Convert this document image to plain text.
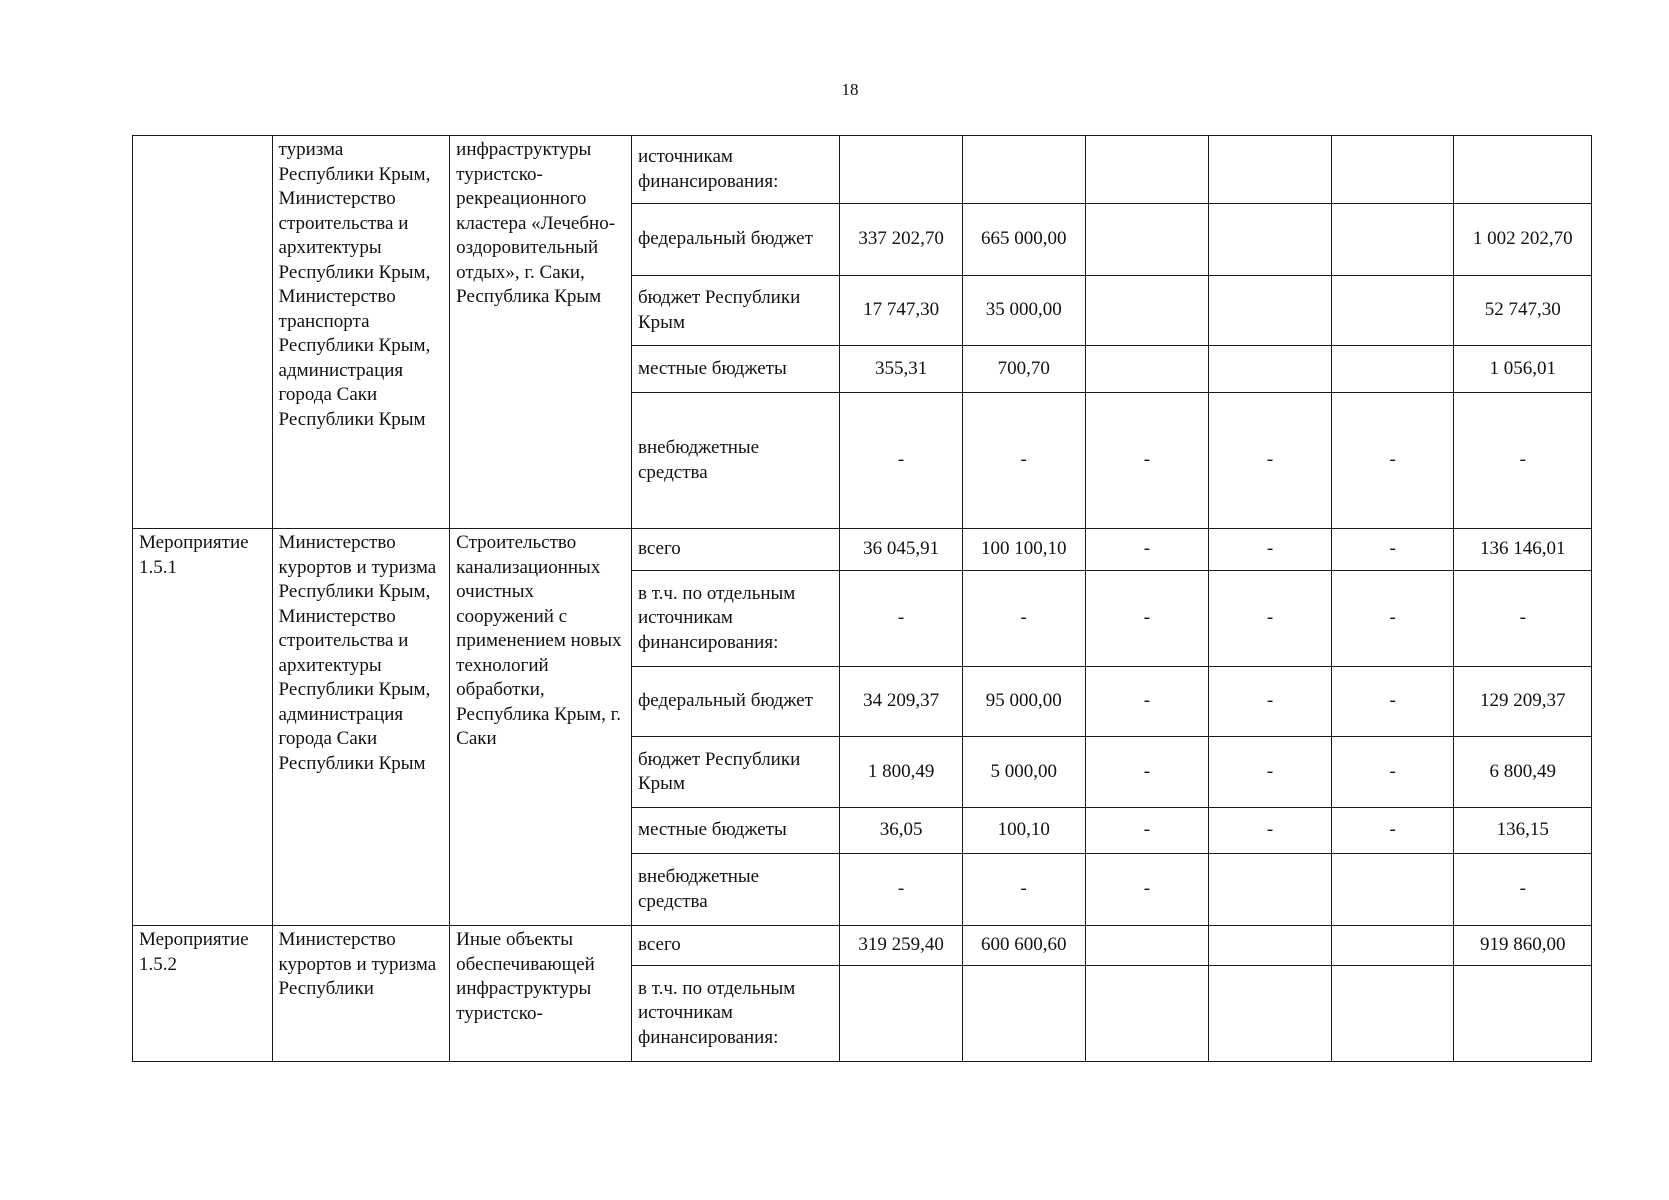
18
	туризма Республики Крым, Министерство строительства и архитектуры Республики Крым, Министерство транспорта Республики Крым, администрация города Саки Республики Крым	инфраструктуры туристско-рекреационного кластера «Лечебно-оздоровительный отдых», г. Саки, Республика Крым	источникам финансирования:						
			федеральный бюджет	337 202,70	665 000,00				1 002 202,70
			бюджет Республики Крым	17 747,30	35 000,00				52 747,30
			местные бюджеты	355,31	700,70				1 056,01
			внебюджетные средства	-	-	-	-	-	-
Мероприятие 1.5.1	Министерство курортов и туризма Республики Крым, Министерство строительства и архитектуры Республики Крым, администрация города Саки Республики Крым	Строительство канализационных очистных сооружений с применением новых технологий обработки, Республика Крым, г. Саки	всего	36 045,91	100 100,10	-	-	-	136 146,01
			в т.ч. по отдельным источникам финансирования:	-	-	-	-	-	-
			федеральный бюджет	34 209,37	95 000,00	-	-	-	129 209,37
			бюджет Республики Крым	1 800,49	5 000,00	-	-	-	6 800,49
			местные бюджеты	36,05	100,10	-	-	-	136,15
			внебюджетные средства	-	-	-			-
Мероприятие 1.5.2	Министерство курортов и туризма Республики	Иные объекты обеспечивающей инфраструктуры туристско-	всего	319 259,40	600 600,60				919 860,00
			в т.ч. по отдельным источникам финансирования:						
